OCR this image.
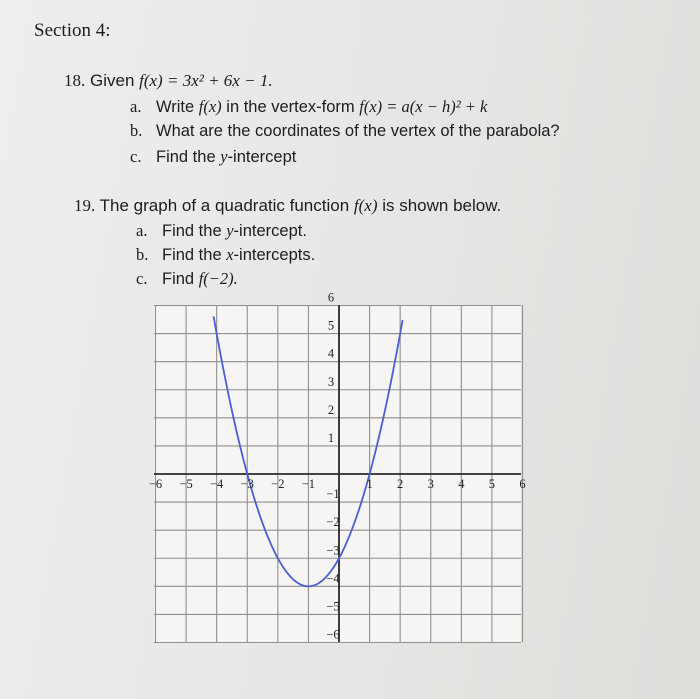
Section 4:
18. Given f(x) = 3x² + 6x − 1.
a. Write f(x) in the vertex-form f(x) = a(x − h)² + k
b. What are the coordinates of the vertex of the parabola?
c. Find the y-intercept
19. The graph of a quadratic function f(x) is shown below.
a. Find the y-intercept.
b. Find the x-intercepts.
c. Find f(−2).
−6 −5 −4 −3 −2 −1	1 2 3 4 5 6
1
2
3
4
5
6
−1
−2
−3
−4
−5
−6
